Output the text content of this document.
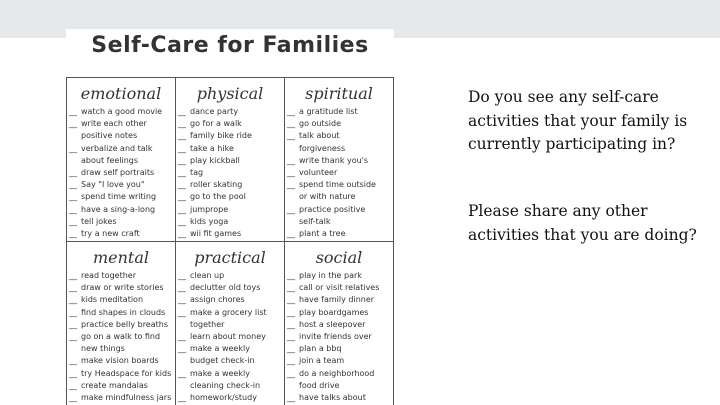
Self-Care for Families
emotional
__ watch a good movie
__ write each other
positive notes
__ verbalize and talk
about feelings
__ draw self portraits
__ Say "I love you"
__ spend time writing
__ have a sing-a-long
__ tell jokes
__ try a new craft
mental
__ read together
__ draw or write stories
__ kids meditation
__ find shapes in clouds
__ practice belly breaths
__ go on a walk to find
new things
__ make vision boards
__ try Headspace for kids
__ create mandalas
__ make mindfulness jars
physical
__ dance party
__ go for a walk
__ family bike ride
__ take a hike
__ play kickball
__ tag
__ roller skating
__ go to the pool
__ jumprope
__ kids yoga
__ wii fit games
practical
__ clean up
__ declutter old toys
__ assign chores
__ make a grocery list
together
__ learn about money
__ make a weekly
budget check-in
__ make a weekly
cleaning check-in
__ homework/study
spiritual
__ a gratitude list
__ go outside
__ talk about
forgiveness
__ write thank you's
__ volunteer
__ spend time outside
or with nature
__ practice positive
self-talk
__ plant a tree
social
__ play in the park
__ call or visit relatives
__ have family dinner
__ play boardgames
__ host a sleepover
__ invite friends over
__ plan a bbq
__ join a team
__ do a neighborhood
food drive
__ have talks about

Do you see any self-care activities that your family is currently participating in?

Please share any other activities that you are doing?
